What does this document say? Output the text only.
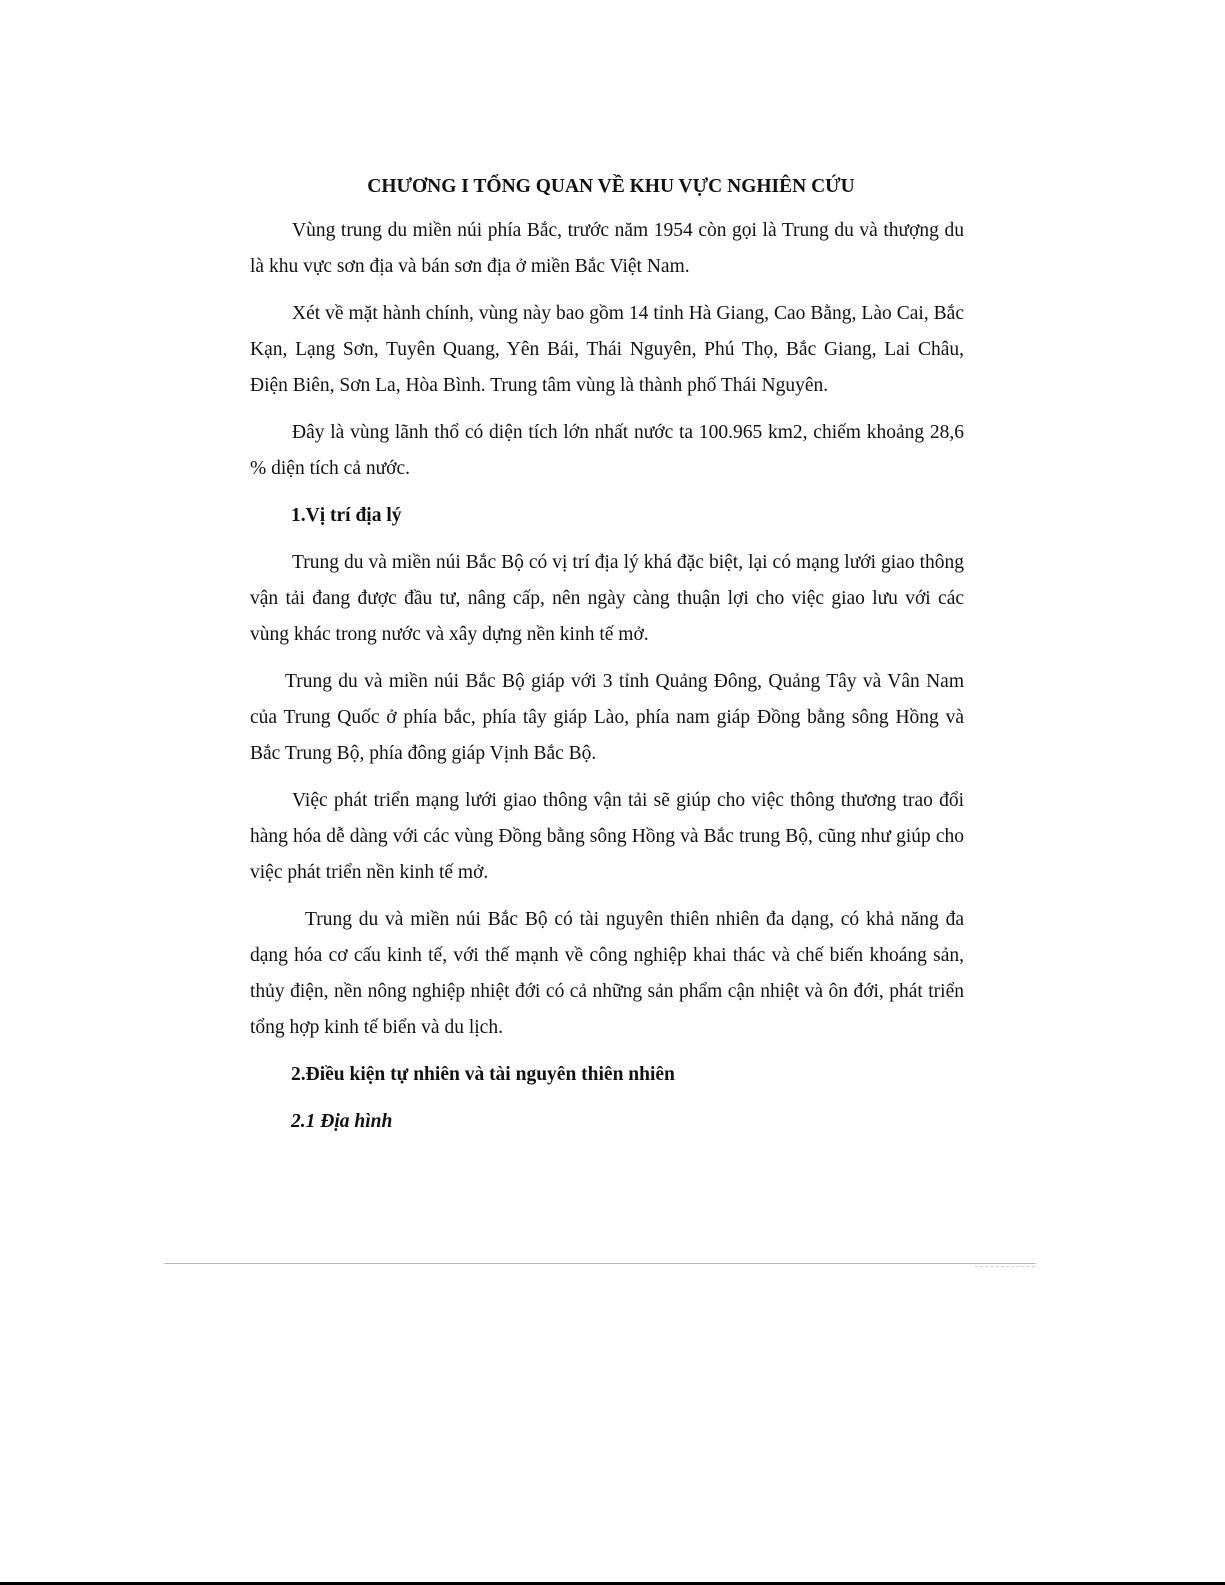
CHƯƠNG I TỔNG QUAN VỀ KHU VỰC NGHIÊN CỨU

Vùng trung du miền núi phía Bắc, trước năm 1954 còn gọi là Trung du và thượng du là khu vực sơn địa và bán sơn địa ở miền Bắc Việt Nam.

Xét về mặt hành chính, vùng này bao gồm 14 tỉnh Hà Giang, Cao Bằng, Lào Cai, Bắc Kạn, Lạng Sơn, Tuyên Quang, Yên Bái, Thái Nguyên, Phú Thọ, Bắc Giang, Lai Châu, Điện Biên, Sơn La, Hòa Bình. Trung tâm vùng là thành phố Thái Nguyên.

Đây là vùng lãnh thổ có diện tích lớn nhất nước ta 100.965 km2, chiếm khoảng 28,6 % diện tích cả nước.

1.Vị trí địa lý

Trung du và miền núi Bắc Bộ có vị trí địa lý khá đặc biệt, lại có mạng lưới giao thông vận tải đang được đầu tư, nâng cấp, nên ngày càng thuận lợi cho việc giao lưu với các vùng khác trong nước và xây dựng nền kinh tế mở.

Trung du và miền núi Bắc Bộ giáp với 3 tỉnh Quảng Đông, Quảng Tây và Vân Nam của Trung Quốc ở phía bắc, phía tây giáp Lào, phía nam giáp Đồng bằng sông Hồng và Bắc Trung Bộ, phía đông giáp Vịnh Bắc Bộ.

Việc phát triển mạng lưới giao thông vận tải sẽ giúp cho việc thông thương trao đổi hàng hóa dễ dàng với các vùng Đồng bằng sông Hồng và Bắc trung Bộ, cũng như giúp cho việc phát triển nền kinh tế mở.

Trung du và miền núi Bắc Bộ có tài nguyên thiên nhiên đa dạng, có khả năng đa dạng hóa cơ cấu kinh tế, với thế mạnh về công nghiệp khai thác và chế biến khoáng sản, thủy điện, nền nông nghiệp nhiệt đới có cả những sản phẩm cận nhiệt và ôn đới, phát triển tổng hợp kinh tế biển và du lịch.

2.Điều kiện tự nhiên và tài nguyên thiên nhiên
2.1 Địa hình
